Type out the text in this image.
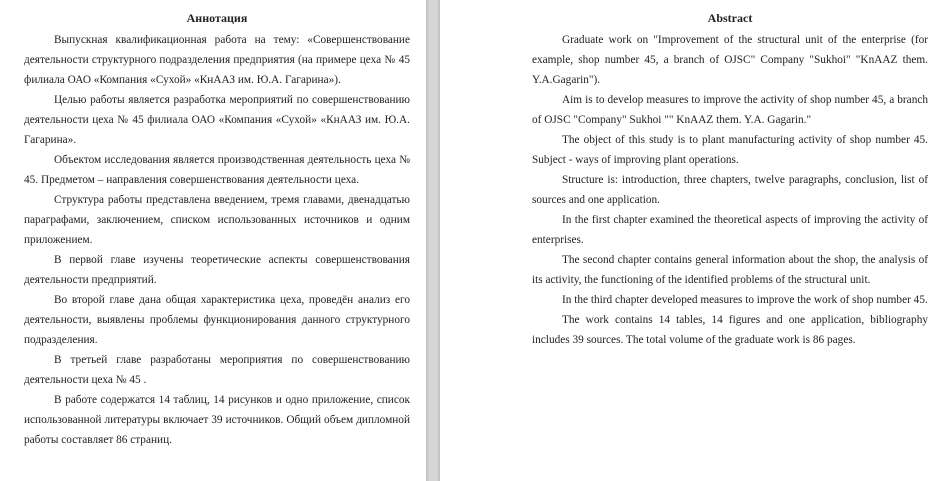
Аннотация

Выпускная квалификационная работа на тему: «Совершенствование деятельности структурного подразделения предприятия (на примере цеха № 45 филиала ОАО «Компания «Сухой» «КнААЗ им. Ю.А. Гагарина»).

Целью работы является разработка мероприятий по совершенствованию деятельности цеха № 45 филиала ОАО «Компания «Сухой» «КнААЗ им. Ю.А. Гагарина».

Объектом исследования является производственная деятельность цеха № 45. Предметом – направления совершенствования деятельности цеха.

Структура работы представлена введением, тремя главами, двенадцатью параграфами, заключением, списком использованных источников и одним приложением.

В первой главе изучены теоретические аспекты совершенствования деятельности предприятий.

Во второй главе дана общая характеристика цеха, проведён анализ его деятельности, выявлены проблемы функционирования данного структурного подразделения.

В третьей главе разработаны мероприятия по совершенствованию деятельности цеха № 45 .

В работе содержатся 14 таблиц, 14 рисунков и одно приложение, список использованной литературы включает 39 источников. Общий объем дипломной работы составляет 86 страниц.

Abstract

Graduate work on "Improvement of the structural unit of the enterprise (for example, shop number 45, a branch of OJSC" Company "Sukhoi" "KnAAZ them. Y.A.Gagarin").

Aim is to develop measures to improve the activity of shop number 45, a branch of OJSC "Company" Sukhoi "" KnAAZ them. Y.A. Gagarin."

The object of this study is to plant manufacturing activity of shop number 45. Subject - ways of improving plant operations.

Structure is: introduction, three chapters, twelve paragraphs, conclusion, list of sources and one application.

In the first chapter examined the theoretical aspects of improving the activity of enterprises.

The second chapter contains general information about the shop, the analysis of its activity, the functioning of the identified problems of the structural unit.

In the third chapter developed measures to improve the work of shop number 45.

The work contains 14 tables, 14 figures and one application, bibliography includes 39 sources. The total volume of the graduate work is 86 pages.
